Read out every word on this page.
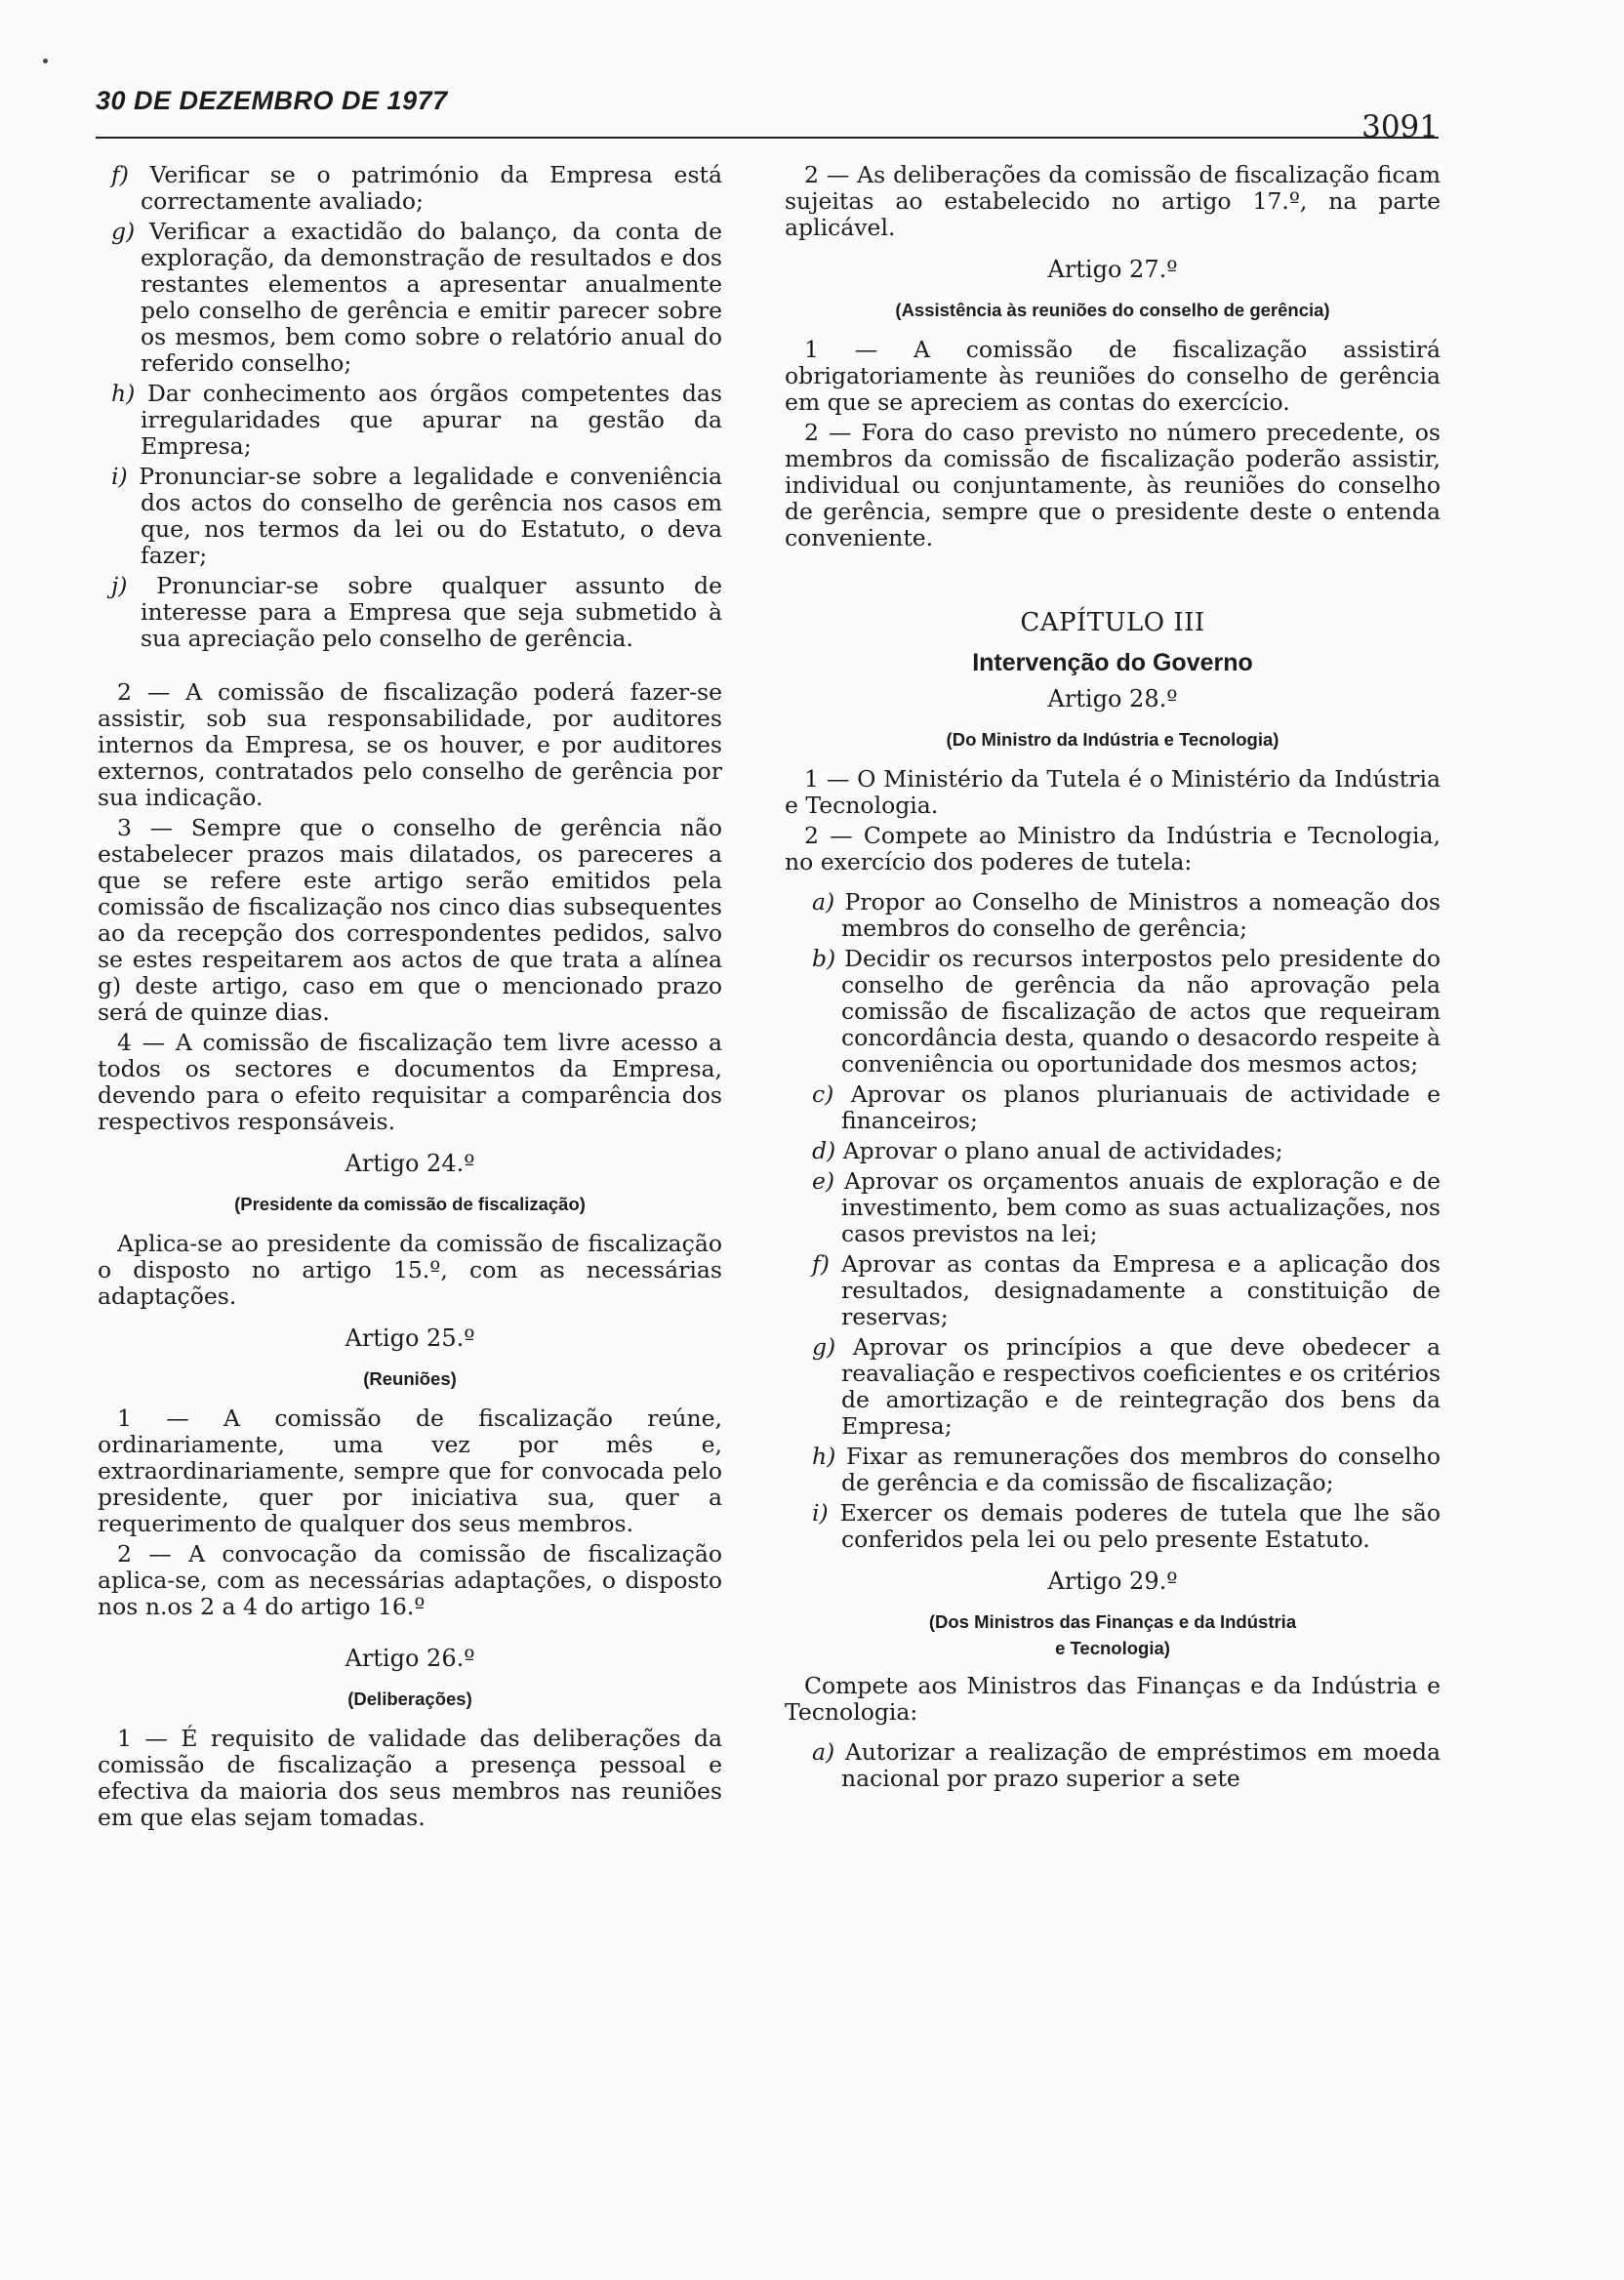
30 DE DEZEMBRO DE 1977
3091

f) Verificar se o património da Empresa está correctamente avaliado;

g) Verificar a exactidão do balanço, da conta de exploração, da demonstração de resultados e dos restantes elementos a apresentar anualmente pelo conselho de gerência e emitir parecer sobre os mesmos, bem como sobre o relatório anual do referido conselho;

h) Dar conhecimento aos órgãos competentes das irregularidades que apurar na gestão da Empresa;

i) Pronunciar-se sobre a legalidade e conveniência dos actos do conselho de gerência nos casos em que, nos termos da lei ou do Estatuto, o deva fazer;

j) Pronunciar-se sobre qualquer assunto de interesse para a Empresa que seja submetido à sua apreciação pelo conselho de gerência.

2 — A comissão de fiscalização poderá fazer-se assistir, sob sua responsabilidade, por auditores internos da Empresa, se os houver, e por auditores externos, contratados pelo conselho de gerência por sua indicação.

3 — Sempre que o conselho de gerência não estabelecer prazos mais dilatados, os pareceres a que se refere este artigo serão emitidos pela comissão de fiscalização nos cinco dias subsequentes ao da recepção dos correspondentes pedidos, salvo se estes respeitarem aos actos de que trata a alínea g) deste artigo, caso em que o mencionado prazo será de quinze dias.

4 — A comissão de fiscalização tem livre acesso a todos os sectores e documentos da Empresa, devendo para o efeito requisitar a comparência dos respectivos responsáveis.

Artigo 24.º
(Presidente da comissão de fiscalização)

Aplica-se ao presidente da comissão de fiscalização o disposto no artigo 15.º, com as necessárias adaptações.

Artigo 25.º
(Reuniões)

1 — A comissão de fiscalização reúne, ordinariamente, uma vez por mês e, extraordinariamente, sempre que for convocada pelo presidente, quer por iniciativa sua, quer a requerimento de qualquer dos seus membros.

2 — A convocação da comissão de fiscalização aplica-se, com as necessárias adaptações, o disposto nos n.os 2 a 4 do artigo 16.º

Artigo 26.º
(Deliberações)

1 — É requisito de validade das deliberações da comissão de fiscalização a presença pessoal e efectiva da maioria dos seus membros nas reuniões em que elas sejam tomadas.

2 — As deliberações da comissão de fiscalização ficam sujeitas ao estabelecido no artigo 17.º, na parte aplicável.

Artigo 27.º
(Assistência às reuniões do conselho de gerência)

1 — A comissão de fiscalização assistirá obrigatoriamente às reuniões do conselho de gerência em que se apreciem as contas do exercício.

2 — Fora do caso previsto no número precedente, os membros da comissão de fiscalização poderão assistir, individual ou conjuntamente, às reuniões do conselho de gerência, sempre que o presidente deste o entenda conveniente.

CAPÍTULO III
Intervenção do Governo
Artigo 28.º
(Do Ministro da Indústria e Tecnologia)

1 — O Ministério da Tutela é o Ministério da Indústria e Tecnologia.

2 — Compete ao Ministro da Indústria e Tecnologia, no exercício dos poderes de tutela:

a) Propor ao Conselho de Ministros a nomeação dos membros do conselho de gerência;

b) Decidir os recursos interpostos pelo presidente do conselho de gerência da não aprovação pela comissão de fiscalização de actos que requeiram concordância desta, quando o desacordo respeite à conveniência ou oportunidade dos mesmos actos;

c) Aprovar os planos plurianuais de actividade e financeiros;

d) Aprovar o plano anual de actividades;

e) Aprovar os orçamentos anuais de exploração e de investimento, bem como as suas actualizações, nos casos previstos na lei;

f) Aprovar as contas da Empresa e a aplicação dos resultados, designadamente a constituição de reservas;

g) Aprovar os princípios a que deve obedecer a reavaliação e respectivos coeficientes e os critérios de amortização e de reintegração dos bens da Empresa;

h) Fixar as remunerações dos membros do conselho de gerência e da comissão de fiscalização;

i) Exercer os demais poderes de tutela que lhe são conferidos pela lei ou pelo presente Estatuto.

Artigo 29.º
(Dos Ministros das Finanças e da Indústria
e Tecnologia)

Compete aos Ministros das Finanças e da Indústria e Tecnologia:

a) Autorizar a realização de empréstimos em moeda nacional por prazo superior a sete
